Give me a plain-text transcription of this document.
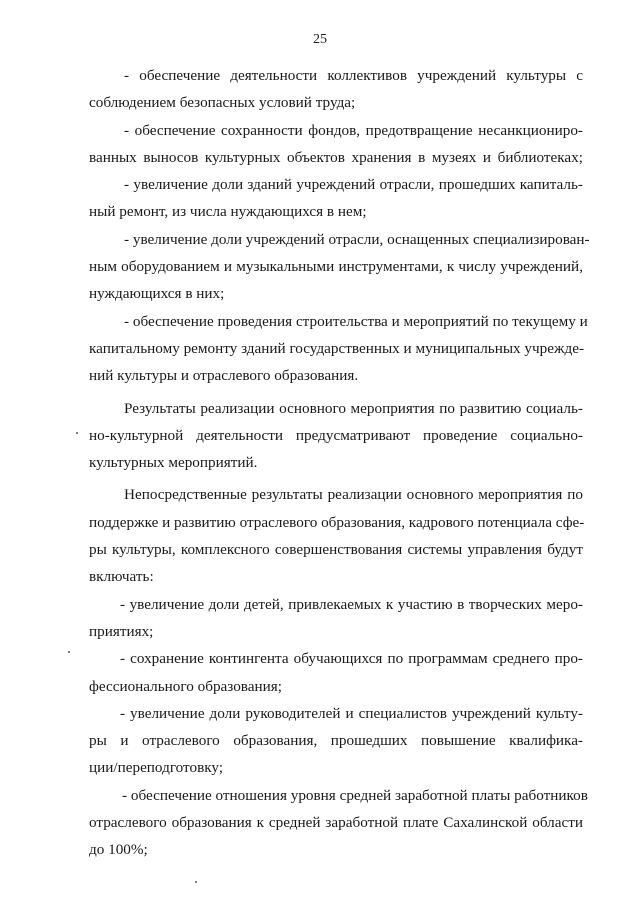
25
- обеспечение деятельности коллективов учреждений культуры с
соблюдением безопасных условий труда;
- обеспечение сохранности фондов, предотвращение несанкциониро-
ванных выносов культурных объектов хранения в музеях и библиотеках;
- увеличение доли зданий учреждений отрасли, прошедших капиталь-
ный ремонт, из числа нуждающихся в нем;
- увеличение доли учреждений отрасли, оснащенных специализирован-
ным оборудованием и музыкальными инструментами, к числу учреждений,
нуждающихся в них;
- обеспечение проведения строительства и мероприятий по текущему и
капитальному ремонту зданий государственных и муниципальных учрежде-
ний культуры и отраслевого образования.
Результаты реализации основного мероприятия по развитию социаль-
но-культурной деятельности предусматривают проведение социально-
культурных мероприятий.
Непосредственные результаты реализации основного мероприятия по
поддержке и развитию отраслевого образования, кадрового потенциала сфе-
ры культуры, комплексного совершенствования системы управления будут
включать:
- увеличение доли детей, привлекаемых к участию в творческих меро-
приятиях;
- сохранение контингента обучающихся по программам среднего про-
фессионального образования;
- увеличение доли руководителей и специалистов учреждений культу-
ры и отраслевого образования, прошедших повышение квалифика-
ции/переподготовку;
- обеспечение отношения уровня средней заработной платы работников
отраслевого образования к средней заработной плате Сахалинской области
до 100%;
